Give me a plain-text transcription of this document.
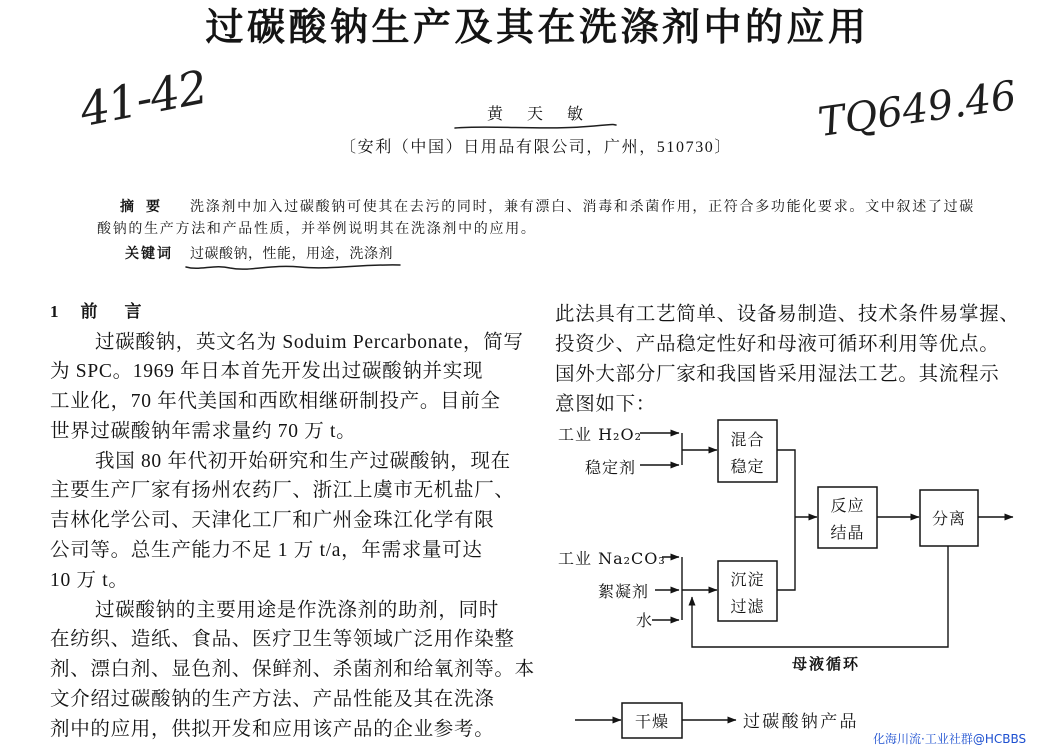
过碳酸钠生产及其在洗涤剂中的应用
41-42	TQ649.46
黄天敏
〔安利（中国）日用品有限公司，广州，510730〕
摘要 洗涤剂中加入过碳酸钠可使其在去污的同时，兼有漂白、消毒和杀菌作用，正符合多功能化要求。文中叙述了过碳
酸钠的生产方法和产品性质，并举例说明其在洗涤剂中的应用。
关键词 过碳酸钠，性能，用途，洗涤剂
1 前　言
过碳酸钠，英文名为 Soduim Percarbonate，简写
为 SPC。1969 年日本首先开发出过碳酸钠并实现
工业化，70 年代美国和西欧相继研制投产。目前全
世界过碳酸钠年需求量约 70 万 t。
我国 80 年代初开始研究和生产过碳酸钠，现在
主要生产厂家有扬州农药厂、浙江上虞市无机盐厂、
吉林化学公司、天津化工厂和广州金珠江化学有限
公司等。总生产能力不足 1 万 t/a，年需求量可达
10 万 t。
过碳酸钠的主要用途是作洗涤剂的助剂，同时
在纺织、造纸、食品、医疗卫生等领域广泛用作染整
剂、漂白剂、显色剂、保鲜剂、杀菌剂和给氧剂等。本
文介绍过碳酸钠的生产方法、产品性能及其在洗涤
剂中的应用，供拟开发和应用该产品的企业参考。
此法具有工艺简单、设备易制造、技术条件易掌握、
投资少、产品稳定性好和母液可循环利用等优点。
国外大部分厂家和我国皆采用湿法工艺。其流程示
意图如下：
工业 H₂O₂
稳定剂
混合
稳定
工业 Na₂CO₃
絮凝剂
水
沉淀
过滤
反应
结晶
分离
母液循环
干燥	过碳酸钠产品
化海川流·工业社群@HCBBS
